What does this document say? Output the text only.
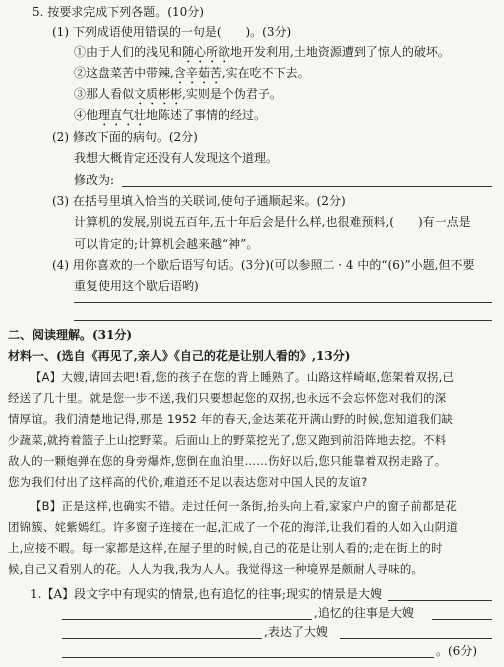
5. 按要求完成下列各题。(10分)
(1) 下列成语使用错误的一句是(　　)。(3分)
①由于人们的浅见和随心所欲地开发利用,土地资源遭到了惊人的破坏。
②这盘菜苦中带辣,含辛茹苦,实在吃不下去。
③那人看似文质彬彬,实则是个伪君子。
④他理直气壮地陈述了事情的经过。
(2) 修改下面的病句。(2分)
我想大概肯定还没有人发现这个道理。
修改为:
(3) 在括号里填入恰当的关联词,使句子通顺起来。(2分)
计算机的发展,别说五百年,五十年后会是什么样,也很难预料,(　　)有一点是
可以肯定的;计算机会越来越“神”。
(4) 用你喜欢的一个歇后语写句话。(3分)(可以参照二 · 4 中的“(6)”小题,但不要
重复使用这个歇后语哟)
二、阅读理解。(31分)
材料一、(选自《再见了,亲人》《自己的花是让别人看的》,13分)
【A】大嫂,请回去吧!看,您的孩子在您的背上睡熟了。山路这样崎岖,您架着双拐,已
经送了几十里。就是您一步不送,我们只要想起您的双拐,也永远不会忘怀您对我们的深
情厚谊。我们清楚地记得,那是 1952 年的春天,金达莱花开满山野的时候,您知道我们缺
少蔬菜,就挎着篮子上山挖野菜。后面山上的野菜挖光了,您又跑到前沿阵地去挖。不料
敌人的一颗炮弹在您的身旁爆炸,您倒在血泊里……伤好以后,您只能靠着双拐走路了。
您为我们付出了这样高的代价,难道还不足以表达您对中国人民的友谊?
【B】正是这样,也确实不错。走过任何一条街,抬头向上看,家家户户的窗子前都是花
团锦簇、姹紫嫣红。许多窗子连接在一起,汇成了一个花的海洋,让我们看的人如入山阴道
上,应接不暇。每一家都是这样,在屋子里的时候,自己的花是让别人看的;走在街上的时
候,自己又看别人的花。人人为我,我为人人。我觉得这一种境界是颇耐人寻味的。
1.【A】段文字中有现实的情景,也有追忆的往事;现实的情景是大嫂
,追忆的往事是大嫂
,表达了大嫂
。(6分)
